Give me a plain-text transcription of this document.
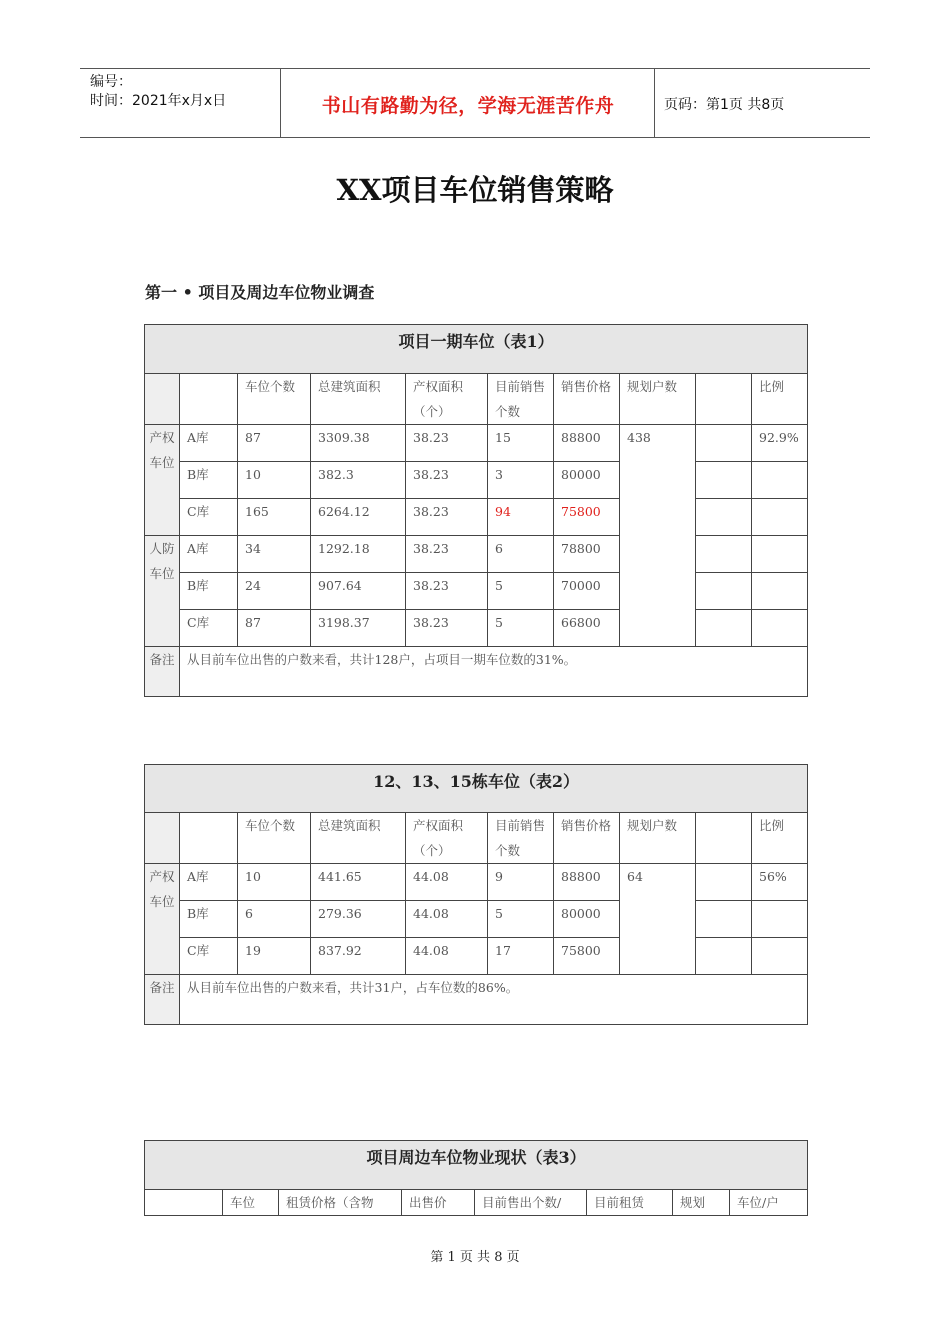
编号：
时间：2021年x月x日	书山有路勤为径，学海无涯苦作舟	页码：第1页 共8页
XX项目车位销售策略
第一 • 项目及周边车位物业调查
项目一期车位（表1）									
		车位个数	总建筑面积	产权面积（个）	目前销售个数	销售价格	规划户数		比例
产权车位	A库	87	3309.38	38.23	15	88800	438		92.9%
	B库	10	382.3	38.23	3	80000			
	C库	165	6264.12	38.23	94	75800			
人防车位	A库	34	1292.18	38.23	6	78800			
	B库	24	907.64	38.23	5	70000			
	C库	87	3198.37	38.23	5	66800			
备注	从目前车位出售的户数来看，共计128户，占项目一期车位数的31%。								
12、13、15栋车位（表2）									
		车位个数	总建筑面积	产权面积（个）	目前销售个数	销售价格	规划户数		比例
产权车位	A库	10	441.65	44.08	9	88800	64		56%
	B库	6	279.36	44.08	5	80000			
	C库	19	837.92	44.08	17	75800			
备注	从目前车位出售的户数来看，共计31户，占车位数的86%。								
项目周边车位物业现状（表3）
	车位	租赁价格（含物	出售价	目前售出个数/	目前租赁	规划	车位/户
第 1 页 共 8 页
